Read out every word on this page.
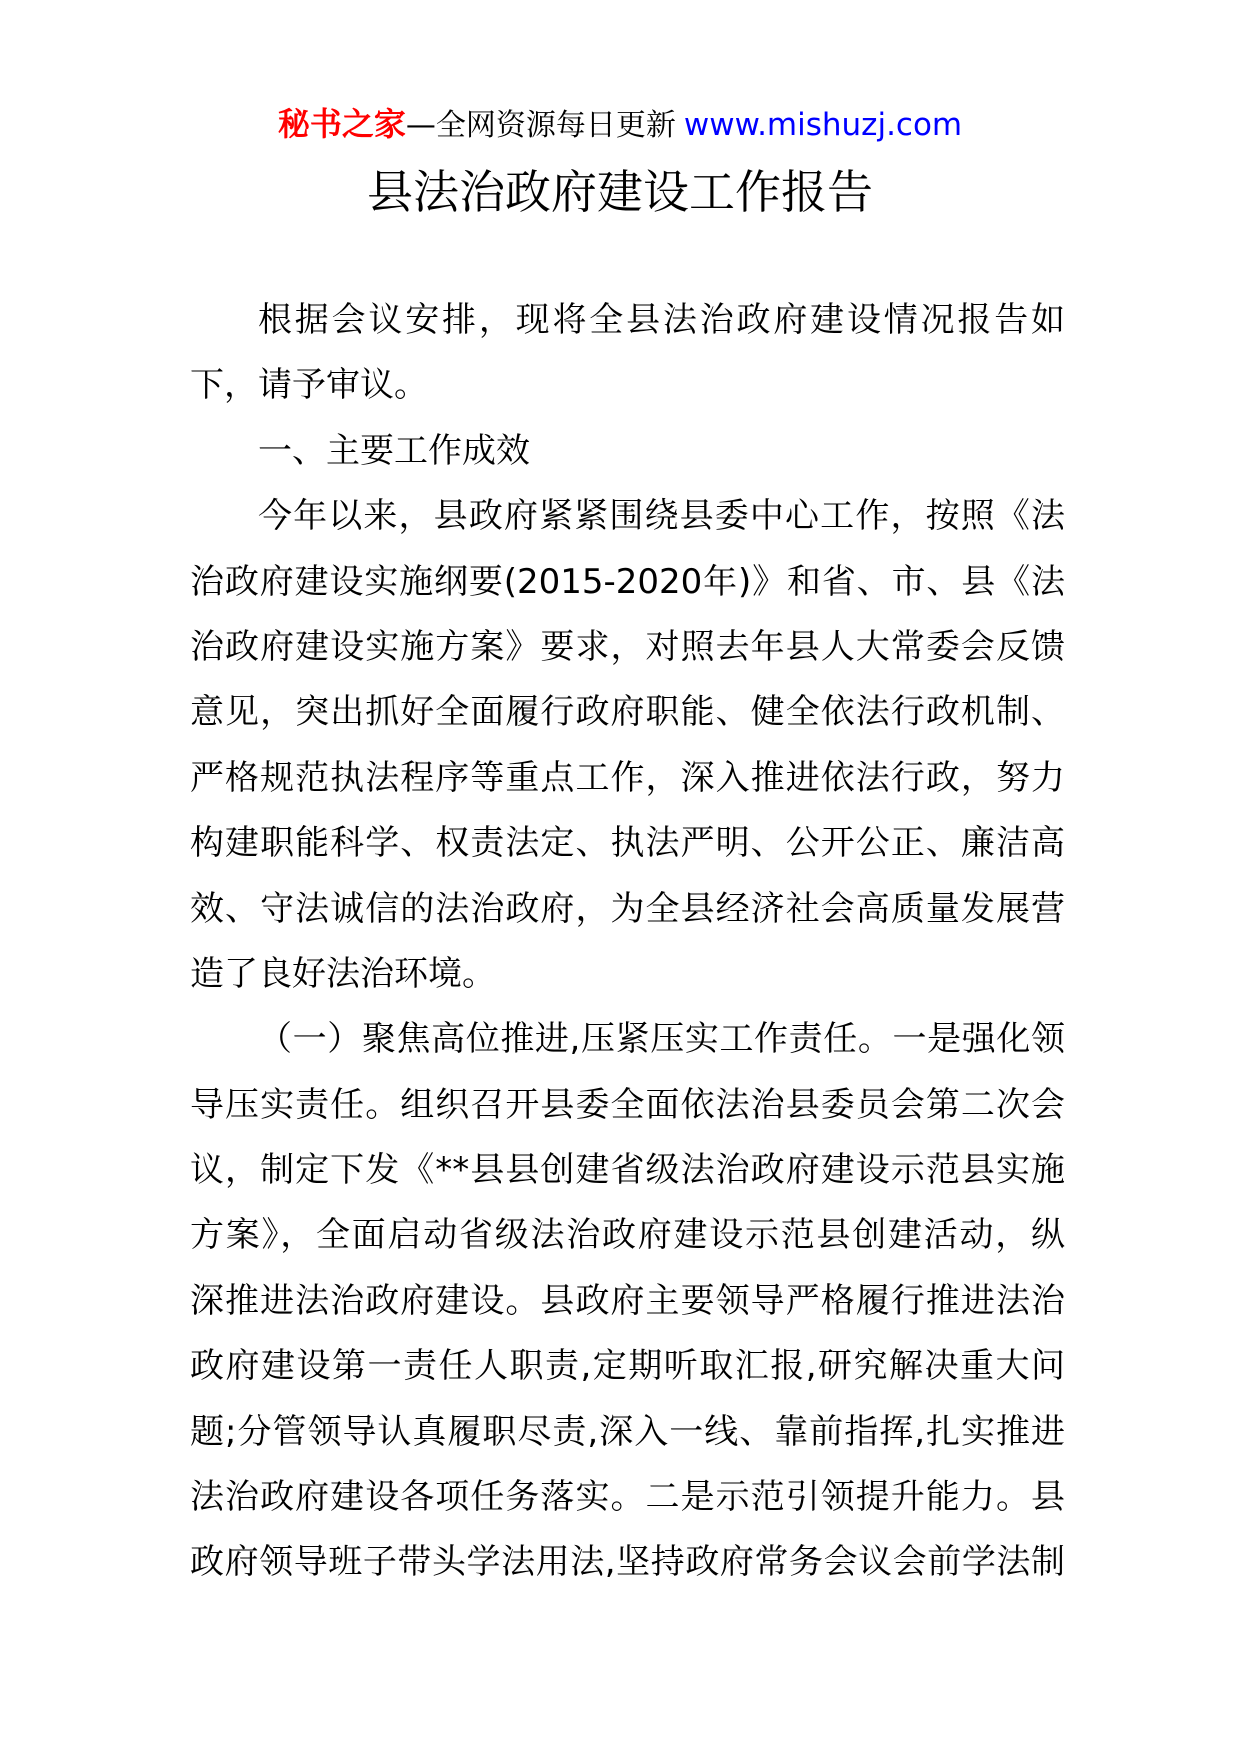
秘书之家—全网资源每日更新 www.mishuzj.com
县法治政府建设工作报告
根据会议安排，现将全县法治政府建设情况报告如
下，请予审议。
一、主要工作成效
今年以来，县政府紧紧围绕县委中心工作，按照《法
治政府建设实施纲要(2015-2020年)》和省、市、县《法
治政府建设实施方案》要求，对照去年县人大常委会反馈
意见，突出抓好全面履行政府职能、健全依法行政机制、
严格规范执法程序等重点工作，深入推进依法行政，努力
构建职能科学、权责法定、执法严明、公开公正、廉洁高
效、守法诚信的法治政府，为全县经济社会高质量发展营
造了良好法治环境。
（一）聚焦高位推进,压紧压实工作责任。一是强化领
导压实责任。组织召开县委全面依法治县委员会第二次会
议，制定下发《**县县创建省级法治政府建设示范县实施
方案》，全面启动省级法治政府建设示范县创建活动，纵
深推进法治政府建设。县政府主要领导严格履行推进法治
政府建设第一责任人职责,定期听取汇报,研究解决重大问
题;分管领导认真履职尽责,深入一线、靠前指挥,扎实推进
法治政府建设各项任务落实。二是示范引领提升能力。县
政府领导班子带头学法用法,坚持政府常务会议会前学法制
